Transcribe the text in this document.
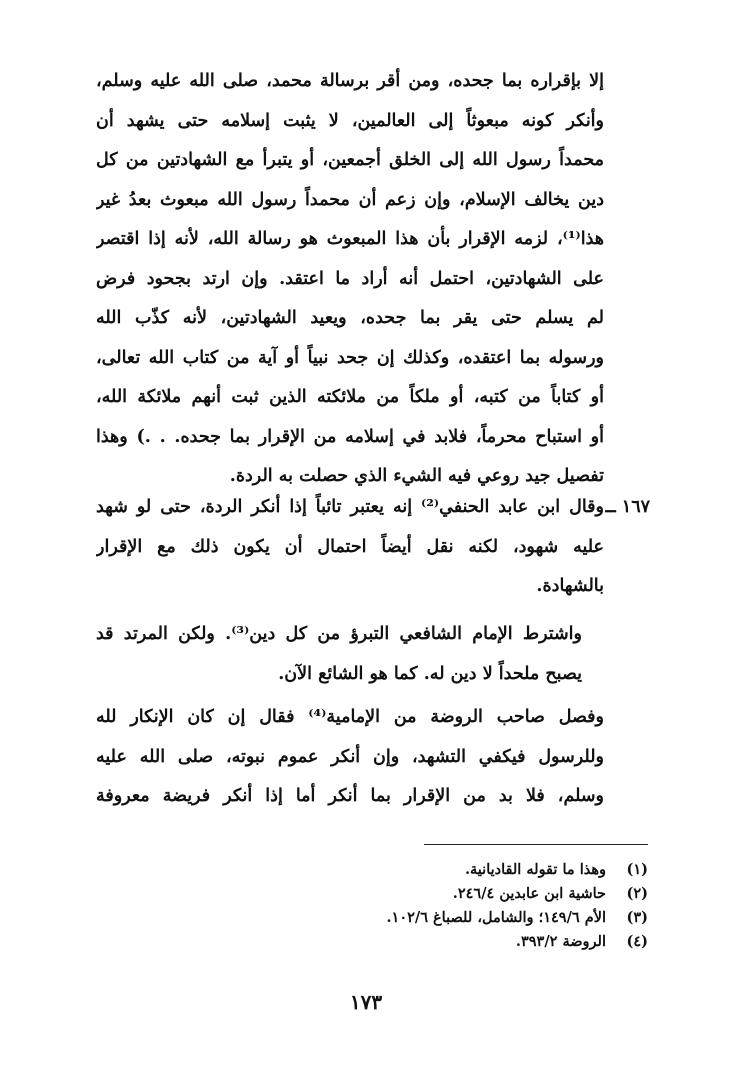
إلا بإقراره بما جحده، ومن أقر برسالة محمد، صلى الله عليه وسلم،
وأنكر كونه مبعوثاً إلى العالمين، لا يثبت إسلامه حتى يشهد أن
محمداً رسول الله إلى الخلق أجمعين، أو يتبرأ مع الشهادتين من كل
دين يخالف الإسلام، وإن زعم أن محمداً رسول الله مبعوث بعدُ غير
هذا⁽¹⁾، لزمه الإقرار بأن هذا المبعوث هو رسالة الله، لأنه إذا اقتصر
على الشهادتين، احتمل أنه أراد ما اعتقد. وإن ارتد بجحود فرض
لم يسلم حتى يقر بما جحده، ويعيد الشهادتين، لأنه كذّب الله
ورسوله بما اعتقده، وكذلك إن جحد نبياً أو آية من كتاب الله تعالى،
أو كتاباً من كتبه، أو ملكاً من ملائكته الذين ثبت أنهم ملائكة الله،
أو استباح محرماً، فلابد في إسلامه من الإقرار بما جحده. . .) وهذا
تفصيل جيد روعي فيه الشيء الذي حصلت به الردة.
١٦٧ ــ
وقال ابن عابد الحنفي⁽²⁾ إنه يعتبر تائباً إذا أنكر الردة، حتى لو شهد
عليه شهود، لكنه نقل أيضاً احتمال أن يكون ذلك مع الإقرار
بالشهادة.
واشترط الإمام الشافعي التبرؤ من كل دين⁽³⁾. ولكن المرتد قد
يصبح ملحداً لا دين له. كما هو الشائع الآن.
وفصل صاحب الروضة من الإمامية⁽⁴⁾ فقال إن كان الإنكار لله
وللرسول فيكفي التشهد، وإن أنكر عموم نبوته، صلى الله عليه
وسلم، فلا بد من الإقرار بما أنكر أما إذا أنكر فريضة معروفة
(١)
وهذا ما تقوله القاديانية.
(٢)
حاشية ابن عابدين ٢٤٦/٤.
(٣)
الأم ١٤٩/٦؛ والشامل، للصباغ ١٠٢/٦.
(٤)
الروضة ٣٩٣/٢.
١٧٣
